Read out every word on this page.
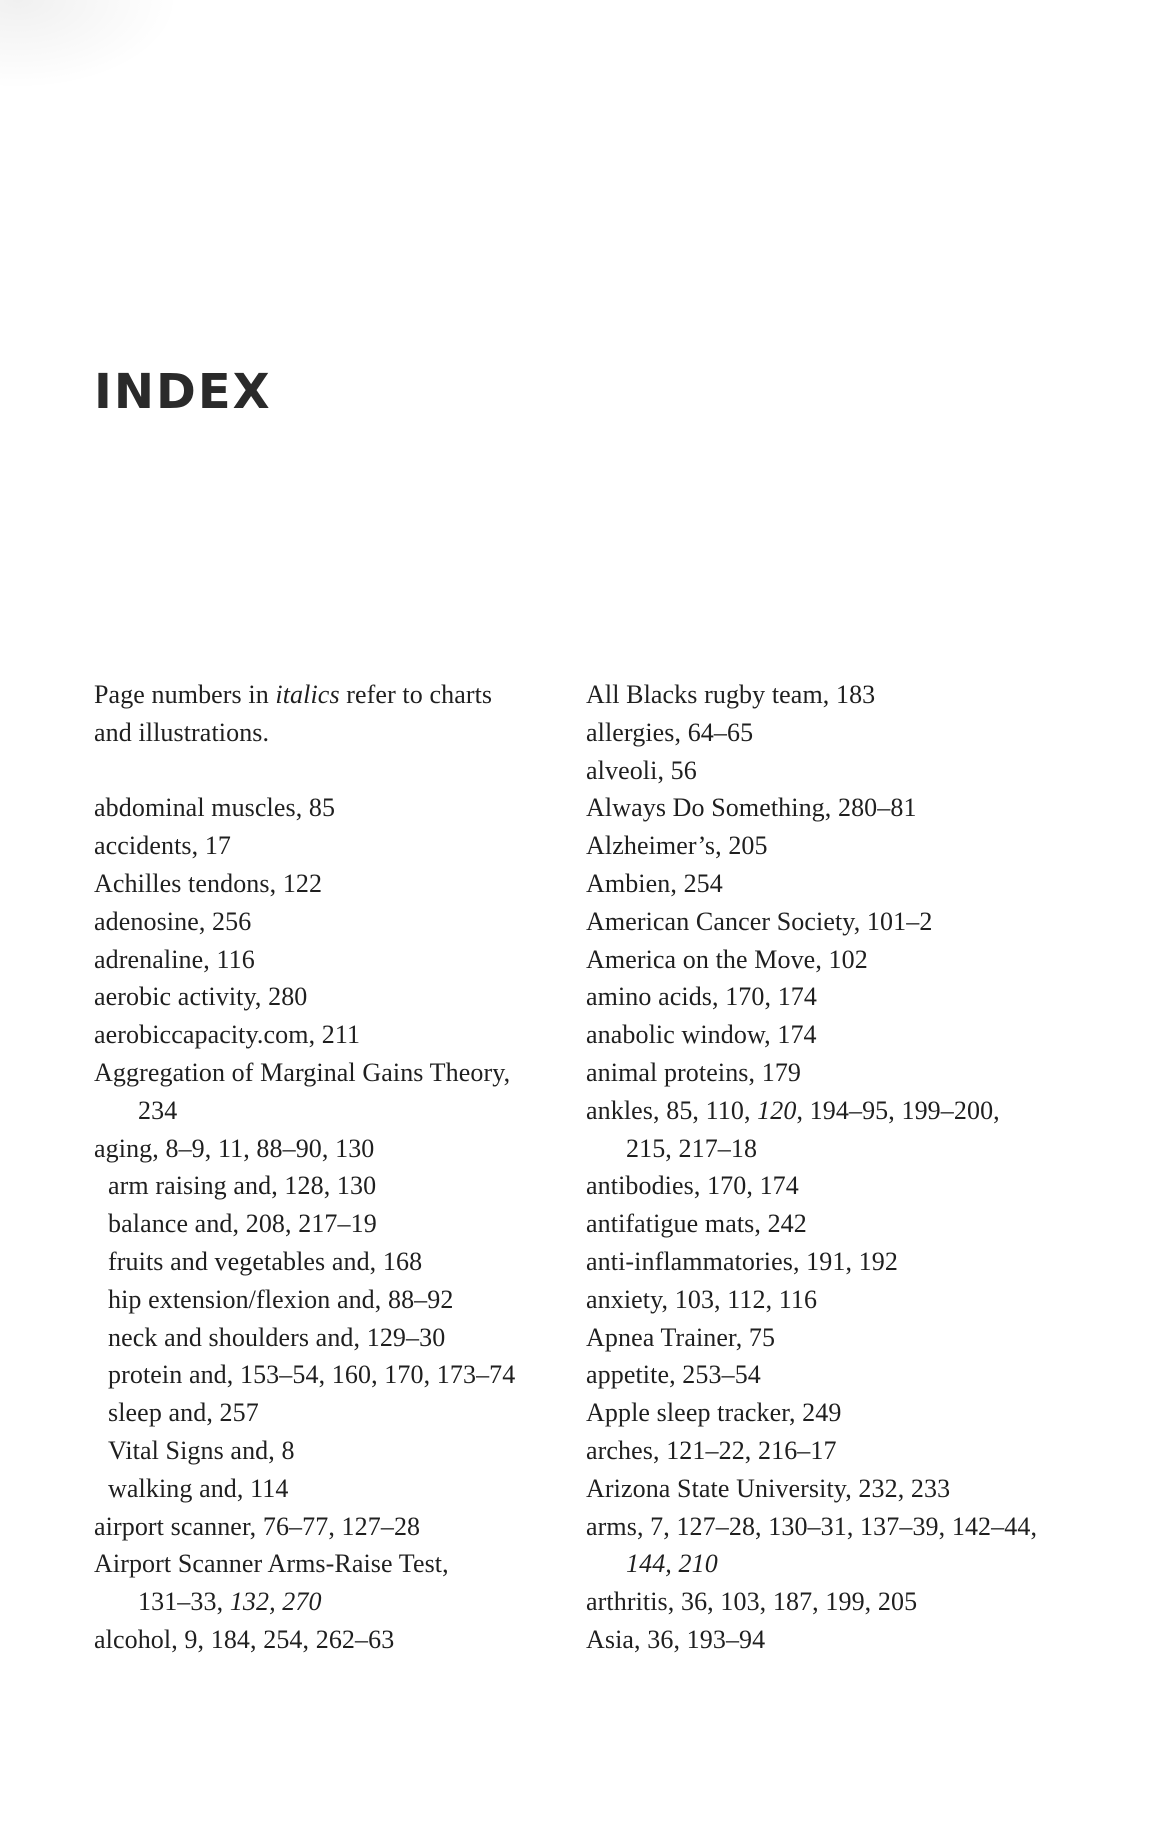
INDEX
Page numbers in italics refer to charts
and illustrations.
abdominal muscles, 85
accidents, 17
Achilles tendons, 122
adenosine, 256
adrenaline, 116
aerobic activity, 280
aerobiccapacity.com, 211
Aggregation of Marginal Gains Theory,
234
aging, 8–9, 11, 88–90, 130
arm raising and, 128, 130
balance and, 208, 217–19
fruits and vegetables and, 168
hip extension/flexion and, 88–92
neck and shoulders and, 129–30
protein and, 153–54, 160, 170, 173–74
sleep and, 257
Vital Signs and, 8
walking and, 114
airport scanner, 76–77, 127–28
Airport Scanner Arms-Raise Test,
131–33, 132, 270
alcohol, 9, 184, 254, 262–63
All Blacks rugby team, 183
allergies, 64–65
alveoli, 56
Always Do Something, 280–81
Alzheimer’s, 205
Ambien, 254
American Cancer Society, 101–2
America on the Move, 102
amino acids, 170, 174
anabolic window, 174
animal proteins, 179
ankles, 85, 110, 120, 194–95, 199–200,
215, 217–18
antibodies, 170, 174
antifatigue mats, 242
anti-inflammatories, 191, 192
anxiety, 103, 112, 116
Apnea Trainer, 75
appetite, 253–54
Apple sleep tracker, 249
arches, 121–22, 216–17
Arizona State University, 232, 233
arms, 7, 127–28, 130–31, 137–39, 142–44,
144, 210
arthritis, 36, 103, 187, 199, 205
Asia, 36, 193–94
